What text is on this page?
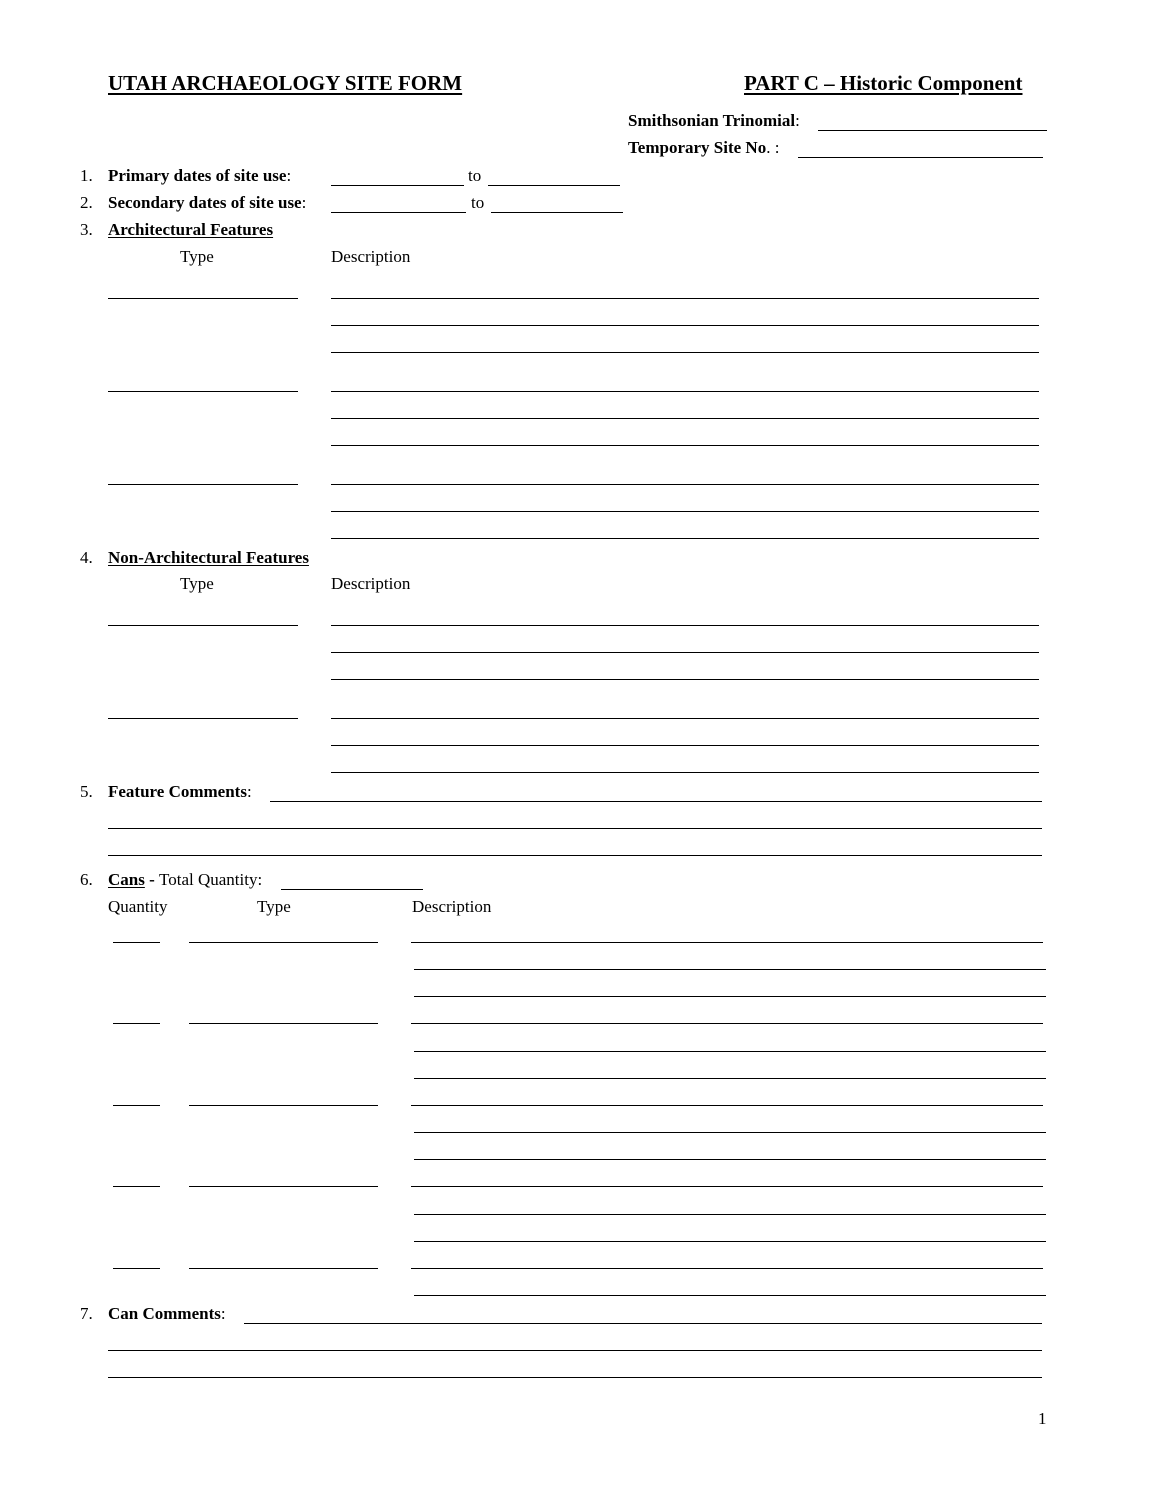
UTAH ARCHAEOLOGY SITE FORM	PART C – Historic Component
Smithsonian Trinomial:
Temporary Site No. :
1. Primary dates of site use:	to
2. Secondary dates of site use:	to
3. Architectural Features
Type	Description
4. Non-Architectural Features
Type	Description
5. Feature Comments:
6. Cans - Total Quantity:
Quantity	Type	Description
7. Can Comments:
1
